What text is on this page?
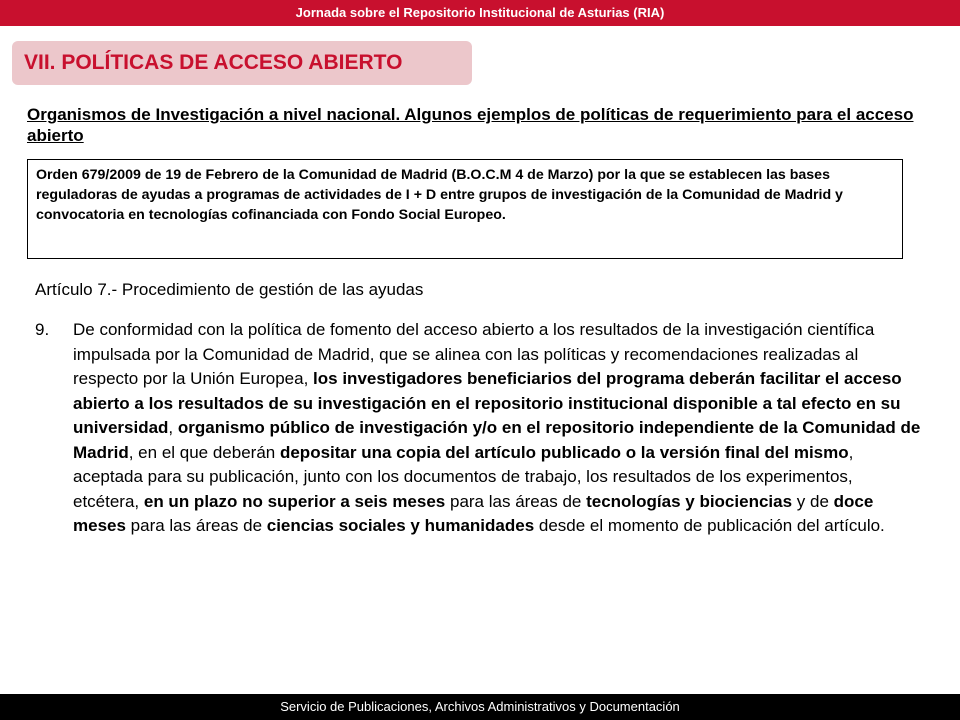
Jornada sobre el Repositorio Institucional de Asturias (RIA)
VII. POLÍTICAS DE ACCESO ABIERTO

Organismos de Investigación a nivel nacional. Algunos ejemplos de políticas de requerimiento para el acceso abierto

Orden 679/2009 de 19 de Febrero de la Comunidad de Madrid (B.O.C.M 4 de Marzo) por la que se establecen las bases reguladoras de ayudas a programas de actividades de I + D entre grupos de investigación de la Comunidad de Madrid y convocatoria en tecnologías cofinanciada con Fondo Social Europeo.

Artículo 7.- Procedimiento de gestión de las ayudas

9. De conformidad con la política de fomento del acceso abierto a los resultados de la investigación científica impulsada por la Comunidad de Madrid, que se alinea con las políticas y recomendaciones realizadas al respecto por la Unión Europea, los investigadores beneficiarios del programa deberán facilitar el acceso abierto a los resultados de su investigación en el repositorio institucional disponible a tal efecto en su universidad, organismo público de investigación y/o en el repositorio independiente de la Comunidad de Madrid, en el que deberán depositar una copia del artículo publicado o la versión final del mismo, aceptada para su publicación, junto con los documentos de trabajo, los resultados de los experimentos, etcétera, en un plazo no superior a seis meses para las áreas de tecnologías y biociencias y de doce meses para las áreas de ciencias sociales y humanidades desde el momento de publicación del artículo.
Servicio de Publicaciones, Archivos Administrativos y Documentación
